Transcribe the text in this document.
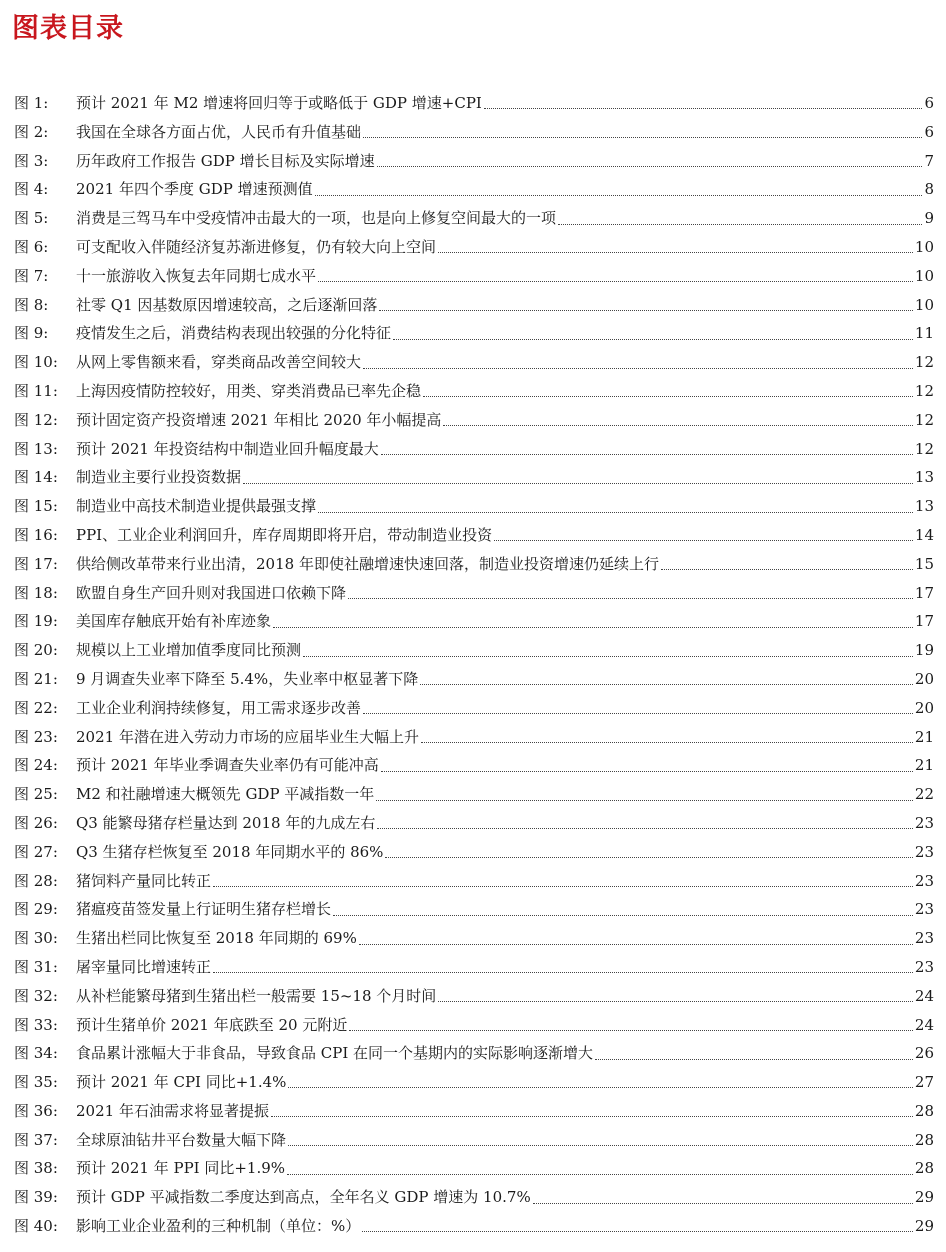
图表目录
图 1:	预计 2021 年 M2 增速将回归等于或略低于 GDP 增速+CPI	6
图 2:	我国在全球各方面占优，人民币有升值基础	6
图 3:	历年政府工作报告 GDP 增长目标及实际增速	7
图 4:	2021 年四个季度 GDP 增速预测值	8
图 5:	消费是三驾马车中受疫情冲击最大的一项，也是向上修复空间最大的一项	9
图 6:	可支配收入伴随经济复苏渐进修复，仍有较大向上空间	10
图 7:	十一旅游收入恢复去年同期七成水平	10
图 8:	社零 Q1 因基数原因增速较高，之后逐渐回落	10
图 9:	疫情发生之后，消费结构表现出较强的分化特征	11
图 10:	从网上零售额来看，穿类商品改善空间较大	12
图 11:	上海因疫情防控较好，用类、穿类消费品已率先企稳	12
图 12:	预计固定资产投资增速 2021 年相比 2020 年小幅提高	12
图 13:	预计 2021 年投资结构中制造业回升幅度最大	12
图 14:	制造业主要行业投资数据	13
图 15:	制造业中高技术制造业提供最强支撑	13
图 16:	PPI、工业企业利润回升，库存周期即将开启，带动制造业投资	14
图 17:	供给侧改革带来行业出清，2018 年即使社融增速快速回落，制造业投资增速仍延续上行	15
图 18:	欧盟自身生产回升则对我国进口依赖下降	17
图 19:	美国库存触底开始有补库迹象	17
图 20:	规模以上工业增加值季度同比预测	19
图 21:	9 月调查失业率下降至 5.4%，失业率中枢显著下降	20
图 22:	工业企业利润持续修复，用工需求逐步改善	20
图 23:	2021 年潜在进入劳动力市场的应届毕业生大幅上升	21
图 24:	预计 2021 年毕业季调查失业率仍有可能冲高	21
图 25:	M2 和社融增速大概领先 GDP 平减指数一年	22
图 26:	Q3 能繁母猪存栏量达到 2018 年的九成左右	23
图 27:	Q3 生猪存栏恢复至 2018 年同期水平的 86%	23
图 28:	猪饲料产量同比转正	23
图 29:	猪瘟疫苗签发量上行证明生猪存栏增长	23
图 30:	生猪出栏同比恢复至 2018 年同期的 69%	23
图 31:	屠宰量同比增速转正	23
图 32:	从补栏能繁母猪到生猪出栏一般需要 15~18 个月时间	24
图 33:	预计生猪单价 2021 年底跌至 20 元附近	24
图 34:	食品累计涨幅大于非食品，导致食品 CPI 在同一个基期内的实际影响逐渐增大	26
图 35:	预计 2021 年 CPI 同比+1.4%	27
图 36:	2021 年石油需求将显著提振	28
图 37:	全球原油钻井平台数量大幅下降	28
图 38:	预计 2021 年 PPI 同比+1.9%	28
图 39:	预计 GDP 平减指数二季度达到高点，全年名义 GDP 增速为 10.7%	29
图 40:	影响工业企业盈利的三种机制（单位：%）	29
